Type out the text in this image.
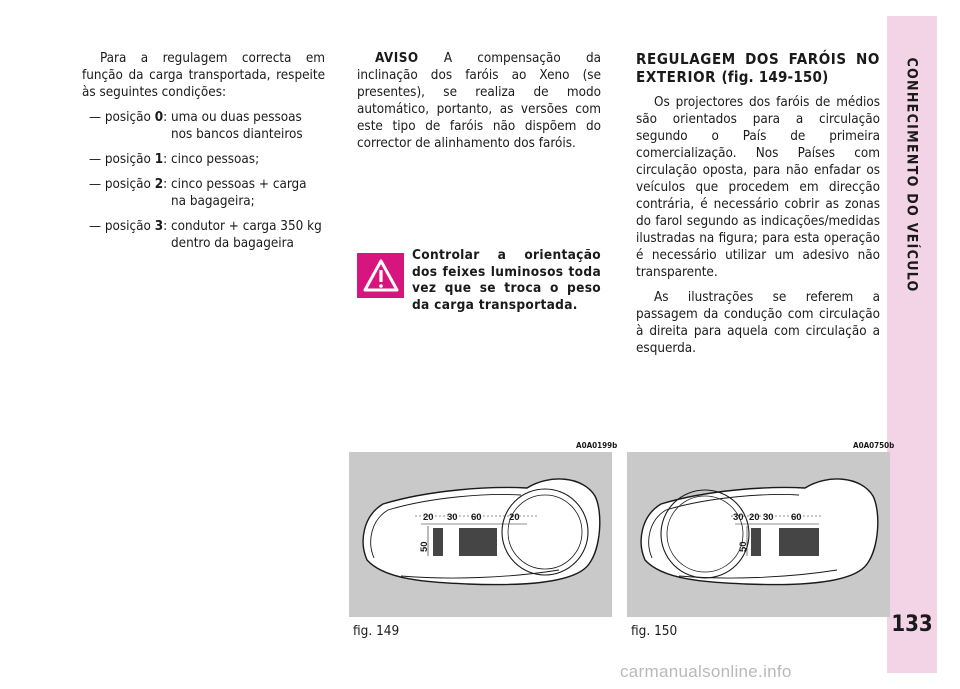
CONHECIMENTO DO VEÍCULO
133

Para a regulagem correcta em função da carga transportada, respeite às seguintes condições:

— posição 0: uma ou duas pessoas nos bancos dianteiros
— posição 1: cinco pessoas;
— posição 2: cinco pessoas + carga na bagageira;
— posição 3: condutor + carga 350 kg dentro da bagageira

AVISO A compensação da inclinação dos faróis ao Xeno (se presentes), se realiza de modo automático, portanto, as versões com este tipo de faróis não dispõem do corrector de alinhamento dos faróis.

Controlar a orientação dos feixes luminosos toda vez que se troca o peso da carga transportada.

REGULAGEM DOS FARÓIS NO EXTERIOR (fig. 149-150)

Os projectores dos faróis de médios são orientados para a circulação segundo o País de primeira comercialização. Nos Países com circulação oposta, para não enfadar os veículos que procedem em direcção contrária, é necessário cobrir as zonas do farol segundo as indicações/medidas ilustradas na figura; para esta operação é necessário utilizar um adesivo não transparente.

As ilustrações se referem a passagem da condução com circulação à direita para aquela com circulação a esquerda.

A0A0199b
20 30 60	20
50
fig. 149
A0A0750b
30 20 30 60
50
fig. 150
carmanualsonline.info
